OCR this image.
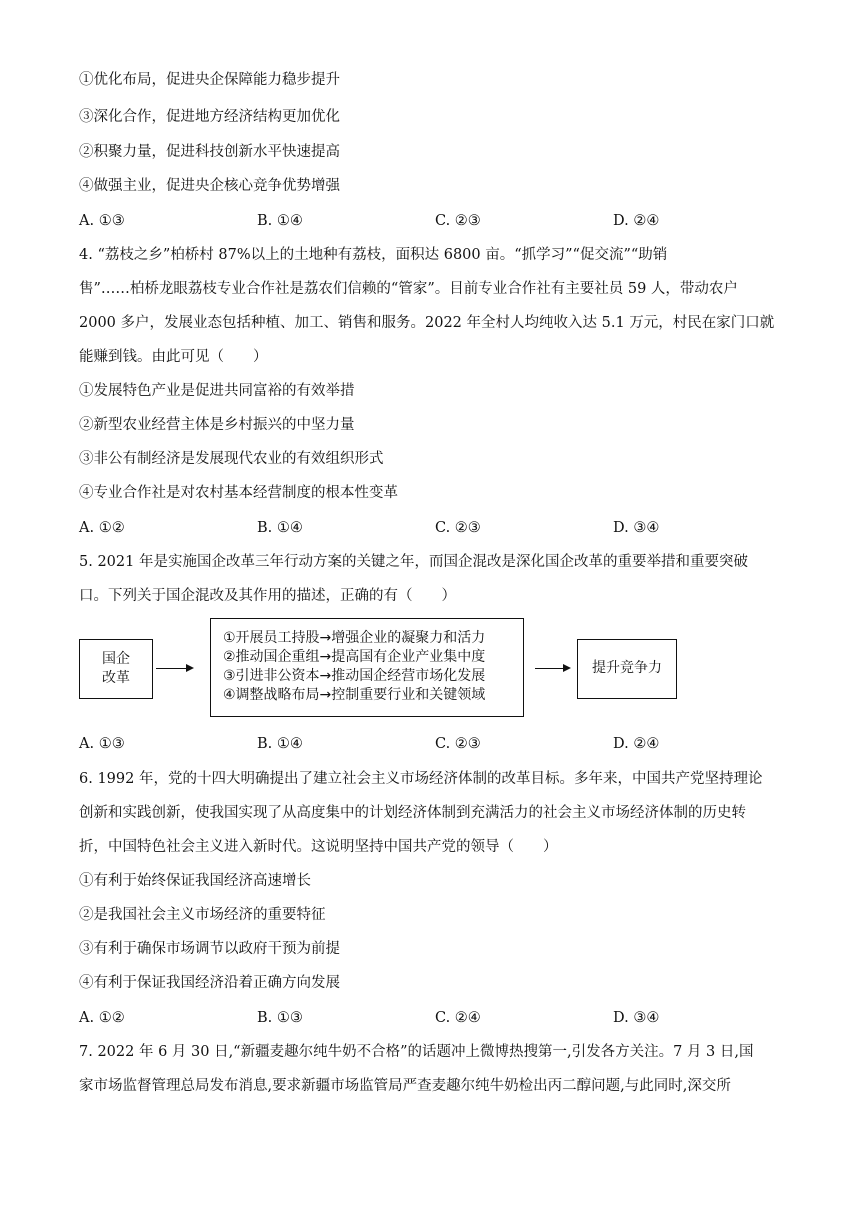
①优化布局，促进央企保障能力稳步提升
③深化合作，促进地方经济结构更加优化
②积聚力量，促进科技创新水平快速提高
④做强主业，促进央企核心竞争优势增强
A. ①③	B. ①④	C. ②③	D. ②④
4. “荔枝之乡”柏桥村 87%以上的土地种有荔枝，面积达 6800 亩。“抓学习”“促交流”“助销
售”……柏桥龙眼荔枝专业合作社是荔农们信赖的“管家”。目前专业合作社有主要社员 59 人，带动农户
2000 多户，发展业态包括种植、加工、销售和服务。2022 年全村人均纯收入达 5.1 万元，村民在家门口就
能赚到钱。由此可见（　　）
①发展特色产业是促进共同富裕的有效举措
②新型农业经营主体是乡村振兴的中坚力量
③非公有制经济是发展现代农业的有效组织形式
④专业合作社是对农村基本经营制度的根本性变革
A. ①②	B. ①④	C. ②③	D. ③④
5. 2021 年是实施国企改革三年行动方案的关键之年，而国企混改是深化国企改革的重要举措和重要突破
口。下列关于国企混改及其作用的描述，正确的有（　　）
国企
改革
①开展员工持股→增强企业的凝聚力和活力
②推动国企重组→提高国有企业产业集中度
③引进非公资本→推动国企经营市场化发展
④调整战略布局→控制重要行业和关键领域
提升竞争力
A. ①③	B. ①④	C. ②③	D. ②④
6. 1992 年，党的十四大明确提出了建立社会主义市场经济体制的改革目标。多年来，中国共产党坚持理论
创新和实践创新，使我国实现了从高度集中的计划经济体制到充满活力的社会主义市场经济体制的历史转
折，中国特色社会主义进入新时代。这说明坚持中国共产党的领导（　　）
①有利于始终保证我国经济高速增长
②是我国社会主义市场经济的重要特征
③有利于确保市场调节以政府干预为前提
④有利于保证我国经济沿着正确方向发展
A. ①②	B. ①③	C. ②④	D. ③④
7. 2022 年 6 月 30 日,“新疆麦趣尔纯牛奶不合格”的话题冲上微博热搜第一,引发各方关注。7 月 3 日,国
家市场监督管理总局发布消息,要求新疆市场监管局严查麦趣尔纯牛奶检出丙二醇问题,与此同时,深交所
